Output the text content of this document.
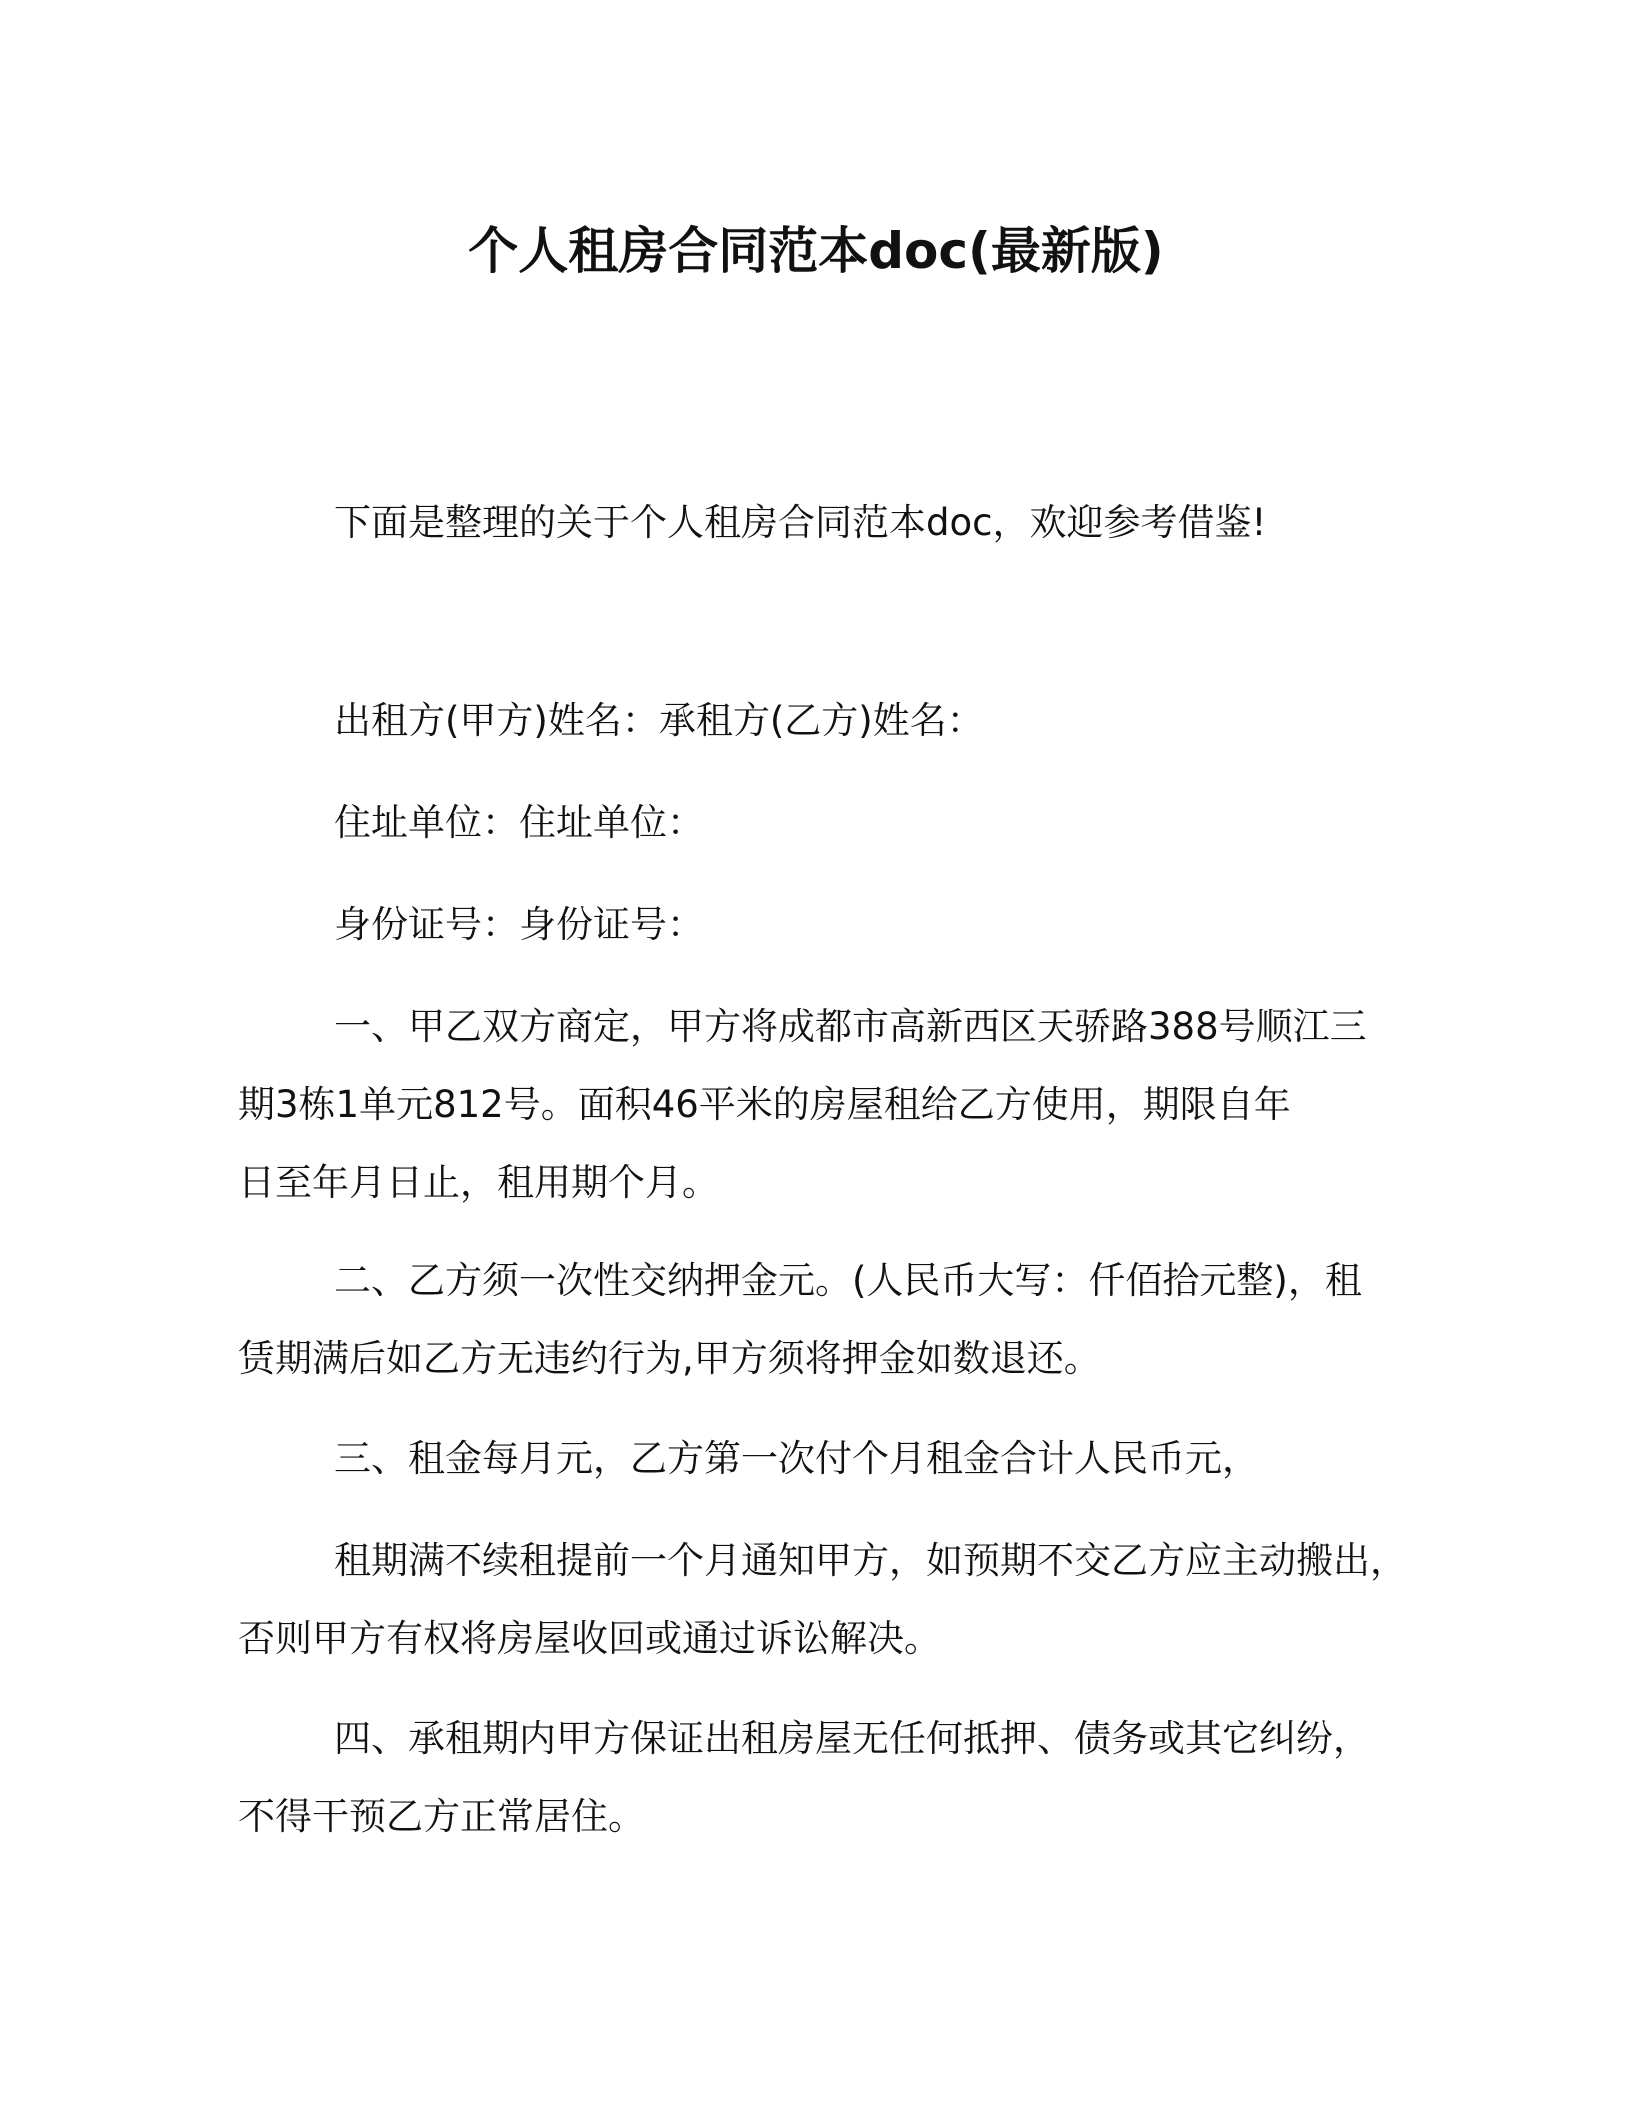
个人租房合同范本doc(最新版)
下面是整理的关于个人租房合同范本doc，欢迎参考借鉴!
出租方(甲方)姓名：承租方(乙方)姓名：
住址单位：住址单位：
身份证号：身份证号：
一、甲乙双方商定，甲方将成都市高新西区天骄路388号顺江三
期3栋1单元812号。面积46平米的房屋租给乙方使用，期限自年
日至年月日止，租用期个月。
二、乙方须一次性交纳押金元。(人民币大写：仟佰拾元整)，租
赁期满后如乙方无违约行为,甲方须将押金如数退还。
三、租金每月元，乙方第一次付个月租金合计人民币元，
租期满不续租提前一个月通知甲方，如预期不交乙方应主动搬出，
否则甲方有权将房屋收回或通过诉讼解决。
四、承租期内甲方保证出租房屋无任何抵押、债务或其它纠纷，
不得干预乙方正常居住。
